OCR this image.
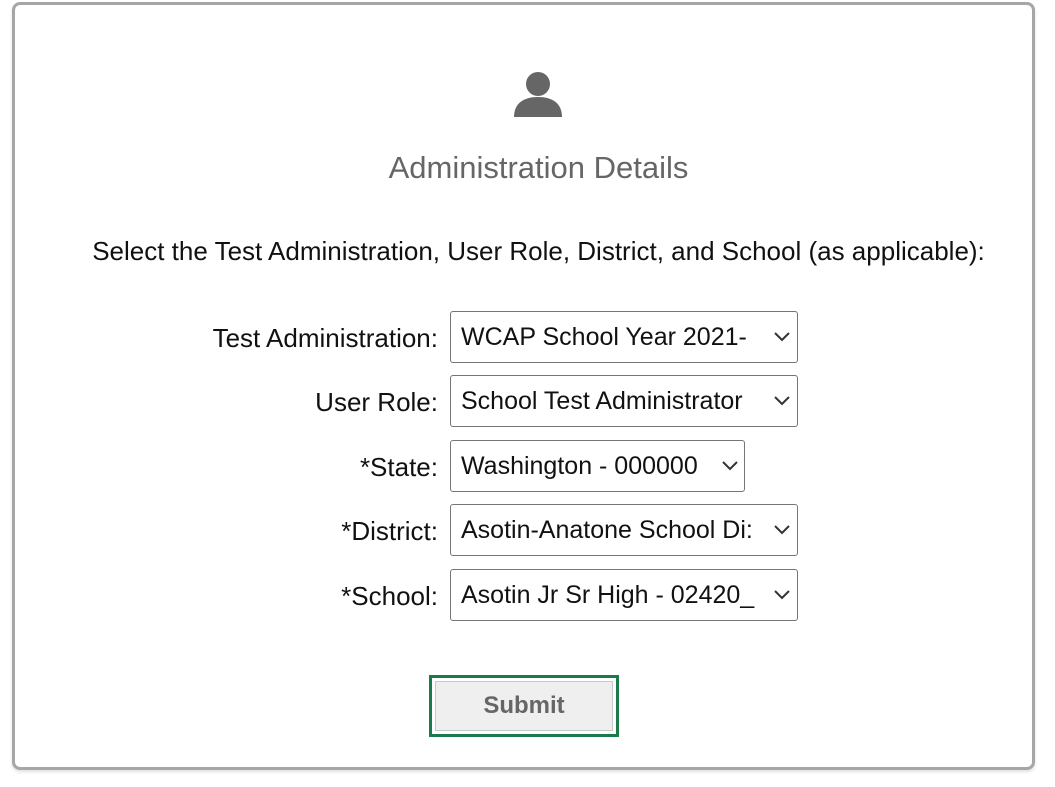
Administration Details
Select the Test Administration, User Role, District, and School (as applicable):
Test Administration: WCAP School Year 2021-
User Role: School Test Administrator
*State: Washington - 000000
*District: Asotin-Anatone School Di:
*School: Asotin Jr Sr High - 02420_
Submit
